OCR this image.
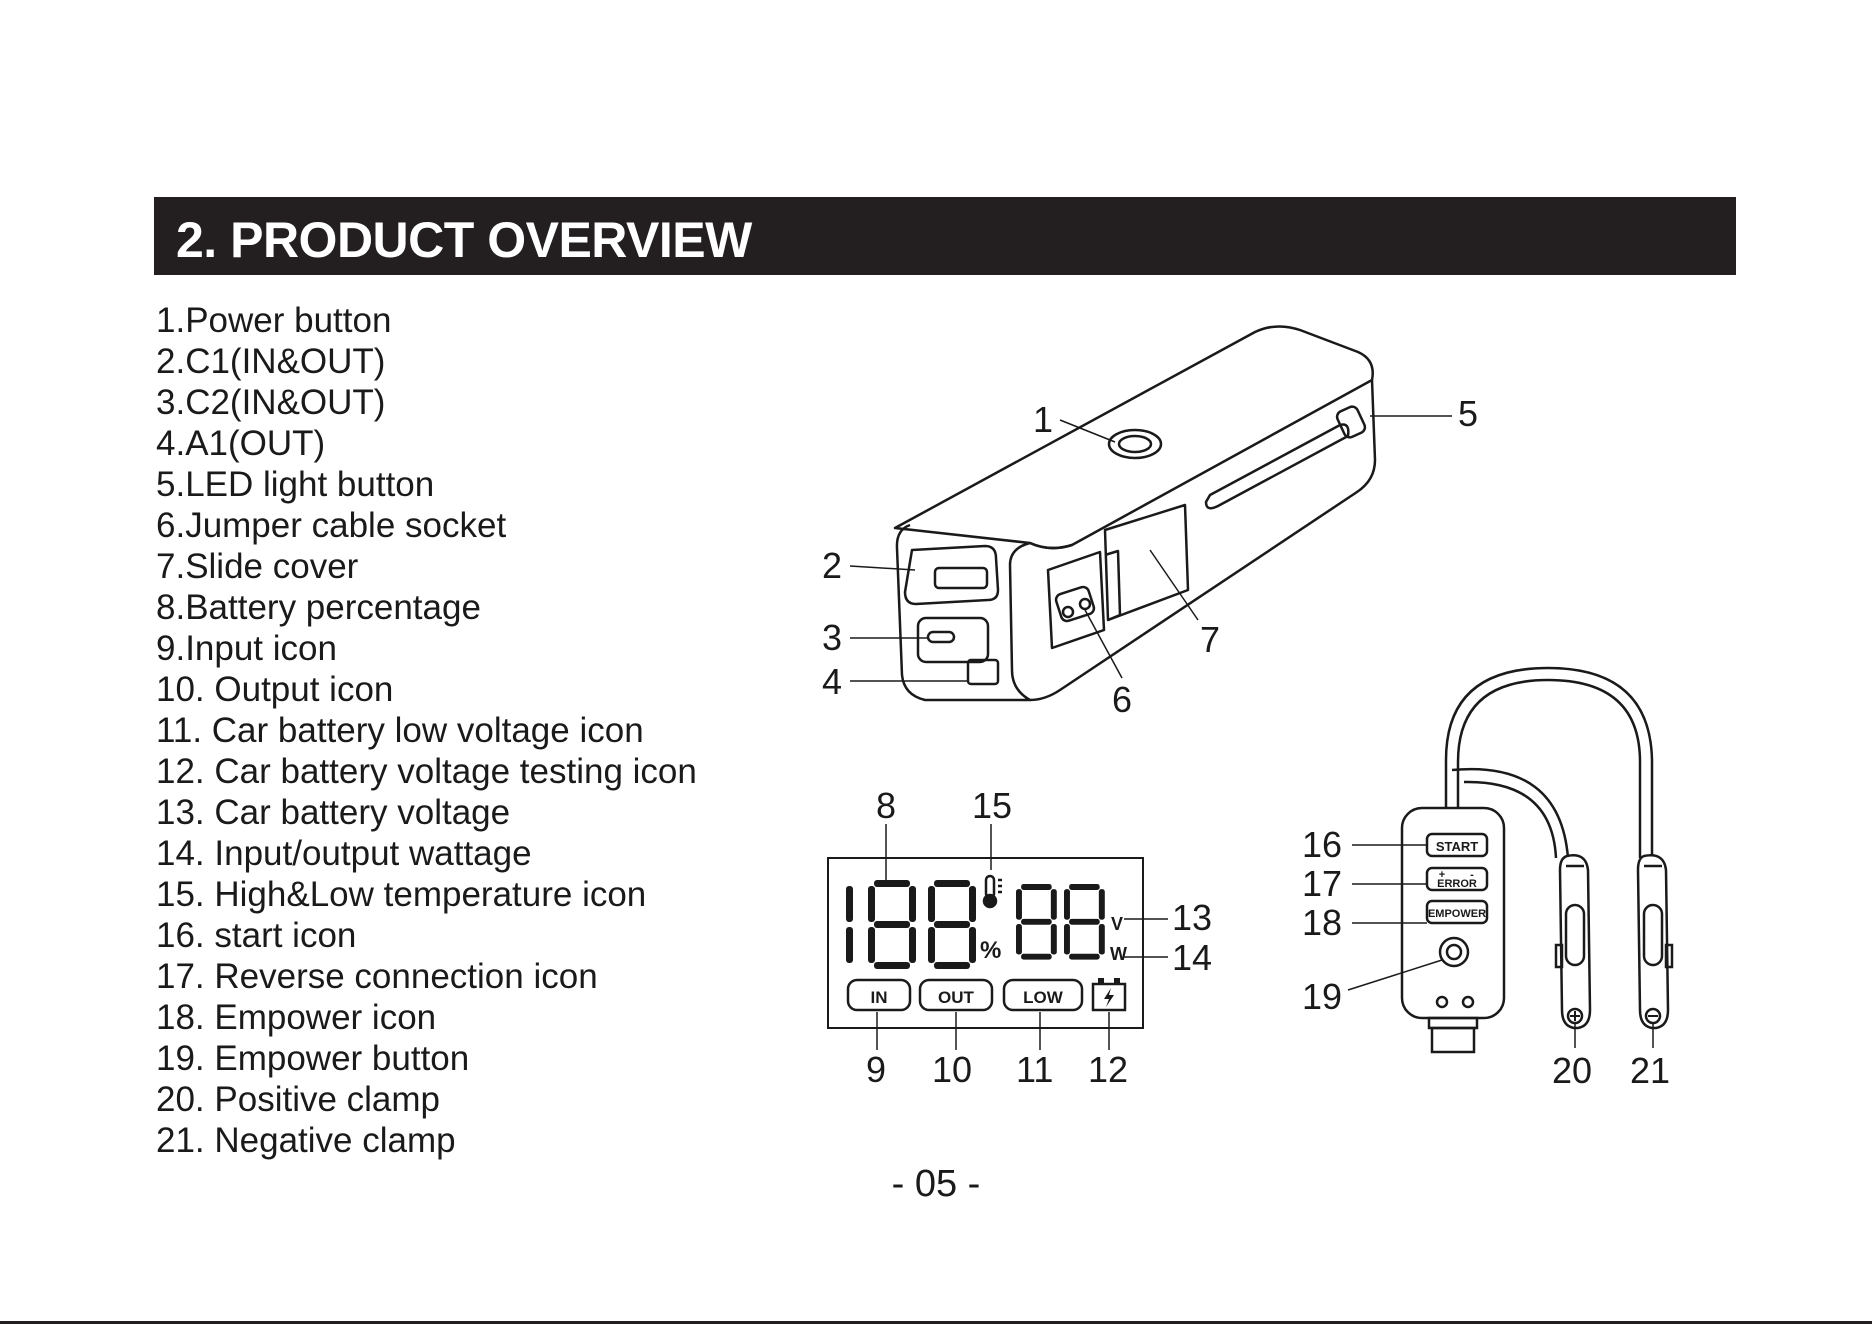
2. PRODUCT OVERVIEW
1.Power button
2.C1(IN&OUT)
3.C2(IN&OUT)
4.A1(OUT)
5.LED light button
6.Jumper cable socket
7.Slide cover
8.Battery percentage
9.Input icon
10. Output icon
11. Car battery low voltage icon
12. Car battery voltage testing icon
13. Car battery voltage
14. Input/output wattage
15. High&Low temperature icon
16. start icon
17. Reverse connection icon
18. Empower icon
19. Empower button
20. Positive clamp
21. Negative clamp
1	5
2
3
4	6
7
%
V
W
IN	OUT	LOW
8 15
13
14
9 10 11 12
START
+ -
ERROR
EMPOWER
16
17
18
19
20 21
- 05 -
